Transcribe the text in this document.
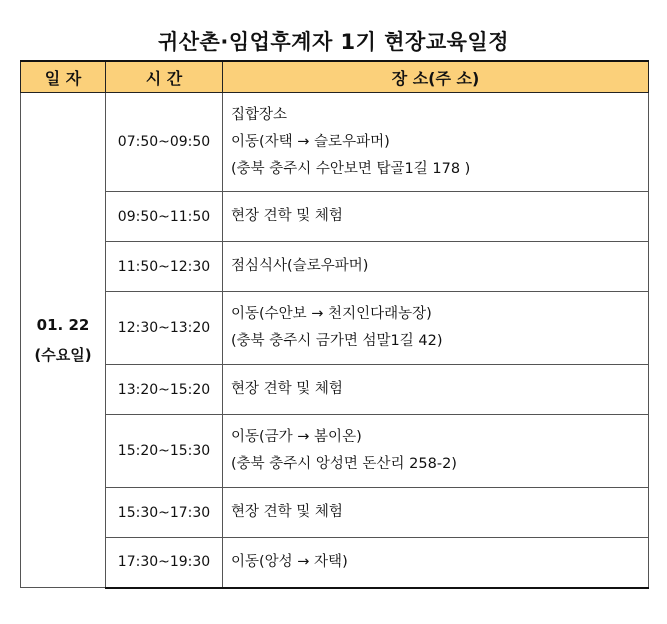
귀산촌·임업후계자 1기 현장교육일정
일 자	시 간	장 소(주 소)

01. 22
(수요일)	07:50~09:50	집합장소
이동(자택 → 슬로우파머)
(충북 충주시 수안보면 탑골1길 178 )

	09:50~11:50	현장 견학 및 체험

	11:50~12:30	점심식사(슬로우파머)

	12:30~13:20	이동(수안보 → 천지인다래농장)
(충북 충주시 금가면 섬말1길 42)

	13:20~15:20	현장 견학 및 체험

	15:20~15:30	이동(금가 → 봄이온)
(충북 충주시 앙성면 돈산리 258-2)

	15:30~17:30	현장 견학 및 체험

	17:30~19:30	이동(앙성 → 자택)
